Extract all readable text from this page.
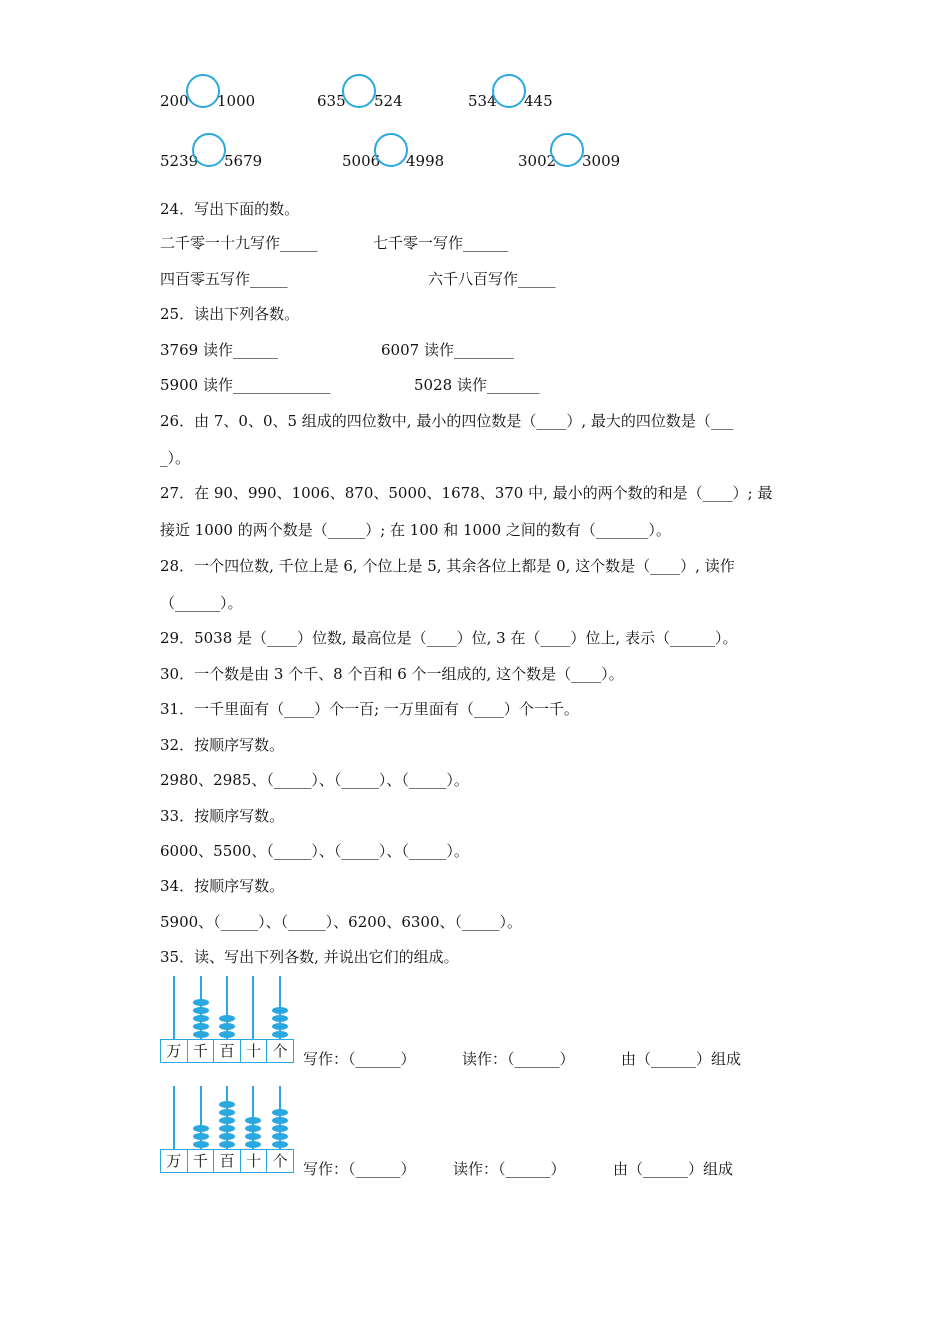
200 1000	635 524	534 445
5239 5679	5006 4998	3002 3009
24．写出下面的数。
二千零一十九写作_____	七千零一写作______
四百零五写作_____	六千八百写作_____
25．读出下列各数。
3769 读作______	6007 读作________
5900 读作_____________	5028 读作_______
26．由 7、0、0、5 组成的四位数中, 最小的四位数是（____）, 最大的四位数是（___
_）。
27．在 90、990、1006、870、5000、1678、370 中, 最小的两个数的和是（____）; 最
接近 1000 的两个数是（_____）; 在 100 和 1000 之间的数有（_______）。
28．一个四位数, 千位上是 6, 个位上是 5, 其余各位上都是 0, 这个数是（____）, 读作
（______）。
29．5038 是（____）位数, 最高位是（____）位, 3 在（____）位上, 表示（______）。
30．一个数是由 3 个千、8 个百和 6 个一组成的, 这个数是（____）。
31．一千里面有（____）个一百; 一万里面有（____）个一千。
32．按顺序写数。
2980、2985、（_____）、（_____）、（_____）。
33．按顺序写数。
6000、5500、（_____）、（_____）、（_____）。
34．按顺序写数。
5900、（_____）、（_____）、6200、6300、（_____）。
35．读、写出下列各数, 并说出它们的组成。
万 千 百 十 个	写作：（______）	读作：（______）	由（______）组成
万 千 百 十 个	写作：（______） 读作：（______）	由（______）组成
